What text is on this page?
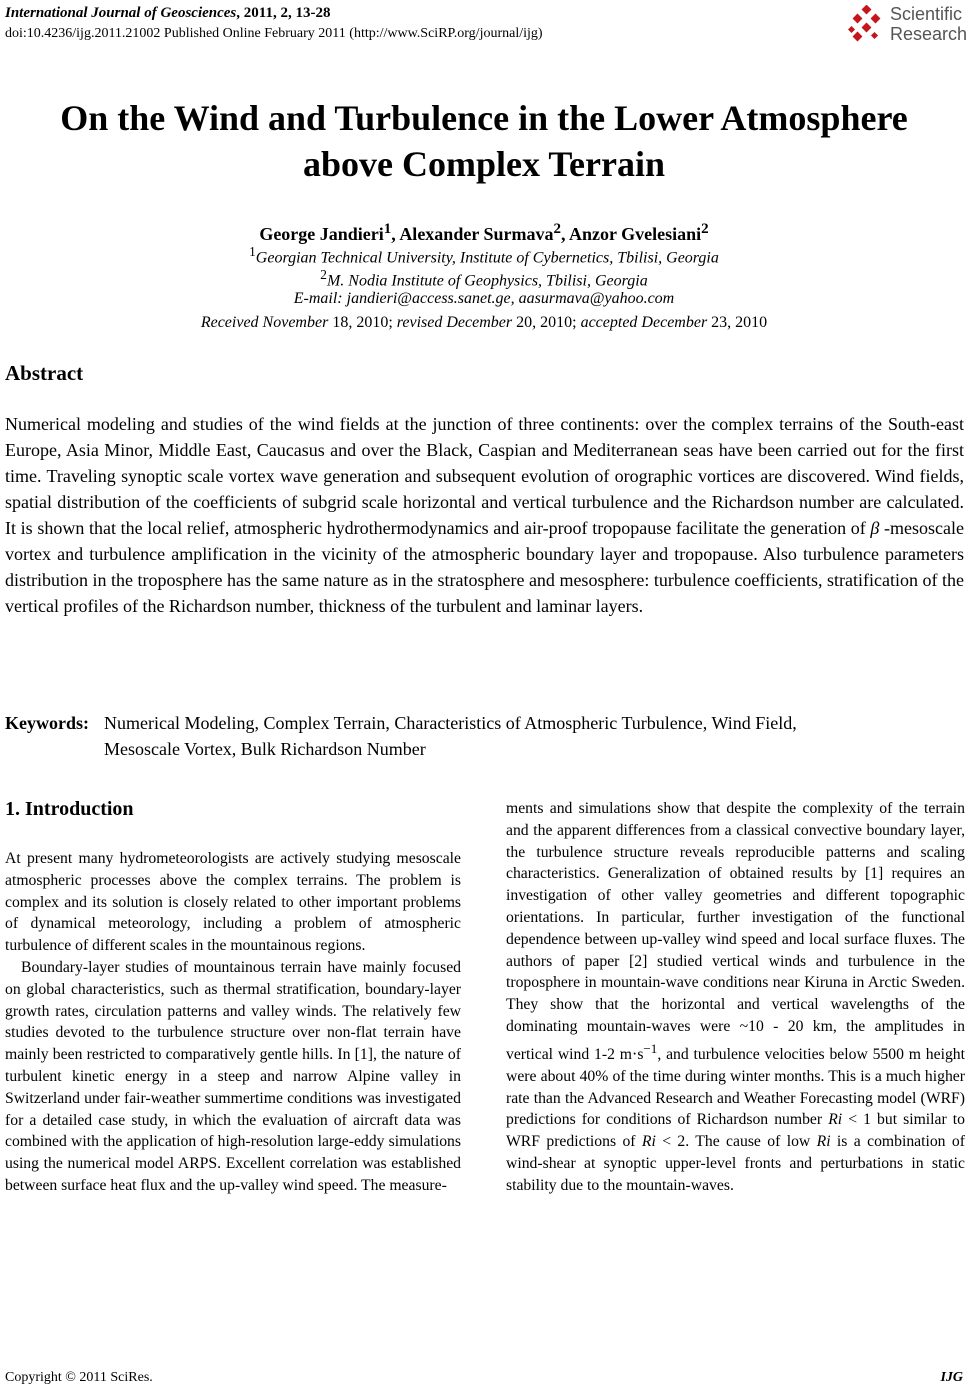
International Journal of Geosciences, 2011, 2, 13-28
doi:10.4236/ijg.2011.21002 Published Online February 2011 (http://www.SciRP.org/journal/ijg)
Scientific
Research
On the Wind and Turbulence in the Lower Atmosphere
above Complex Terrain
George Jandieri$^1$, Alexander Surmava$^2$, Anzor Gvelesiani$^2$
$^1$Georgian Technical University, Institute of Cybernetics, Tbilisi, Georgia
$^2$M. Nodia Institute of Geophysics, Tbilisi, Georgia
E-mail: jandieri@access.sanet.ge, aasurmava@yahoo.com
Received November 18, 2010; revised December 20, 2010; accepted December 23, 2010
Abstract
Numerical modeling and studies of the wind fields at the junction of three continents: over the complex terrains of the South-east Europe, Asia Minor, Middle East, Caucasus and over the Black, Caspian and Mediterranean seas have been carried out for the first time. Traveling synoptic scale vortex wave generation and subsequent evolution of orographic vortices are discovered. Wind fields, spatial distribution of the coefficients of subgrid scale horizontal and vertical turbulence and the Richardson number are calculated. It is shown that the local relief, atmospheric hydrothermodynamics and air-proof tropopause facilitate the generation of β -mesoscale vortex and turbulence amplification in the vicinity of the atmospheric boundary layer and tropopause. Also turbulence parameters distribution in the troposphere has the same nature as in the stratosphere and mesosphere: turbulence coefficients, stratification of the vertical profiles of the Richardson number, thickness of the turbulent and laminar layers.
Keywords: Numerical Modeling, Complex Terrain, Characteristics of Atmospheric Turbulence, Wind Field,
Mesoscale Vortex, Bulk Richardson Number
1. Introduction

At present many hydrometeorologists are actively studying mesoscale atmospheric processes above the complex terrains. The problem is complex and its solution is closely related to other important problems of dynamical meteorology, including a problem of atmospheric turbulence of different scales in the mountainous regions.

Boundary-layer studies of mountainous terrain have mainly focused on global characteristics, such as thermal stratification, boundary-layer growth rates, circulation patterns and valley winds. The relatively few studies devoted to the turbulence structure over non-flat terrain have mainly been restricted to comparatively gentle hills. In [1], the nature of turbulent kinetic energy in a steep and narrow Alpine valley in Switzerland under fair-weather summertime conditions was investigated for a detailed case study, in which the evaluation of aircraft data was combined with the application of high-resolution large-eddy simulations using the numerical model ARPS. Excellent correlation was established between surface heat flux and the up-valley wind speed. The measure-

ments and simulations show that despite the complexity of the terrain and the apparent differences from a classical convective boundary layer, the turbulence structure reveals reproducible patterns and scaling characteristics. Generalization of obtained results by [1] requires an investigation of other valley geometries and different topographic orientations. In particular, further investigation of the functional dependence between up-valley wind speed and local surface fluxes. The authors of paper [2] studied vertical winds and turbulence in the troposphere in mountain-wave conditions near Kiruna in Arctic Sweden. They show that the horizontal and vertical wavelengths of the dominating mountain-waves were ~10 - 20 km, the amplitudes in vertical wind 1-2 $m\cdot s^{-1}$, and turbulence velocities below 5500 m height were about 40% of the time during winter months. This is a much higher rate than the Advanced Research and Weather Forecasting model (WRF) predictions for conditions of Richardson number Ri < 1 but similar to WRF predictions of Ri < 2. The cause of low Ri is a combination of wind-shear at synoptic upper-level fronts and perturbations in static stability due to the mountain-waves.

Copyright © 2011 SciRes.	IJG
